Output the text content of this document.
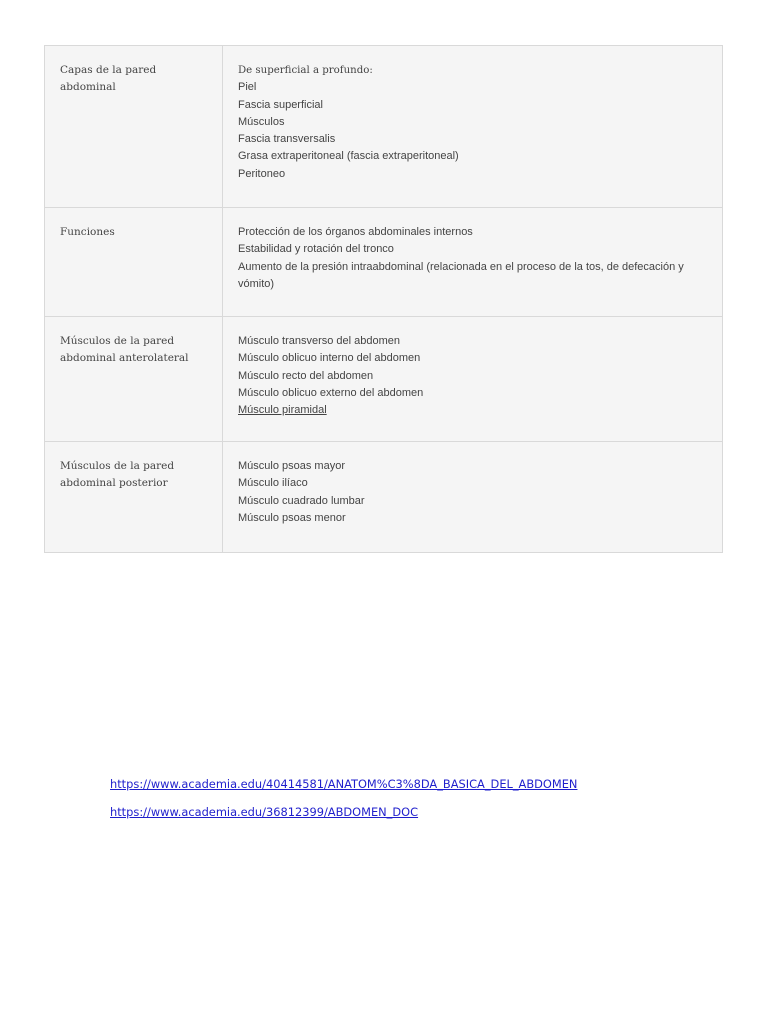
Capas de la pared abdominal
De superficial a profundo:
Piel
Fascia superficial
Músculos
Fascia transversalis
Grasa extraperitoneal (fascia extraperitoneal)
Peritoneo
Funciones	Protección de los órganos abdominales internos
Estabilidad y rotación del tronco
Aumento de la presión intraabdominal (relacionada en el proceso de la tos, de defecación y vómito)
Músculos de la pared abdominal anterolateral
Músculo transverso del abdomen
Músculo oblicuo interno del abdomen
Músculo recto del abdomen
Músculo oblicuo externo del abdomen
Músculo piramidal
Músculos de la pared abdominal posterior
Músculo psoas mayor
Músculo ilíaco
Músculo cuadrado lumbar
Músculo psoas menor
https://www.academia.edu/40414581/ANATOM%C3%8DA_BASICA_DEL_ABDOMEN
https://www.academia.edu/36812399/ABDOMEN_DOC
